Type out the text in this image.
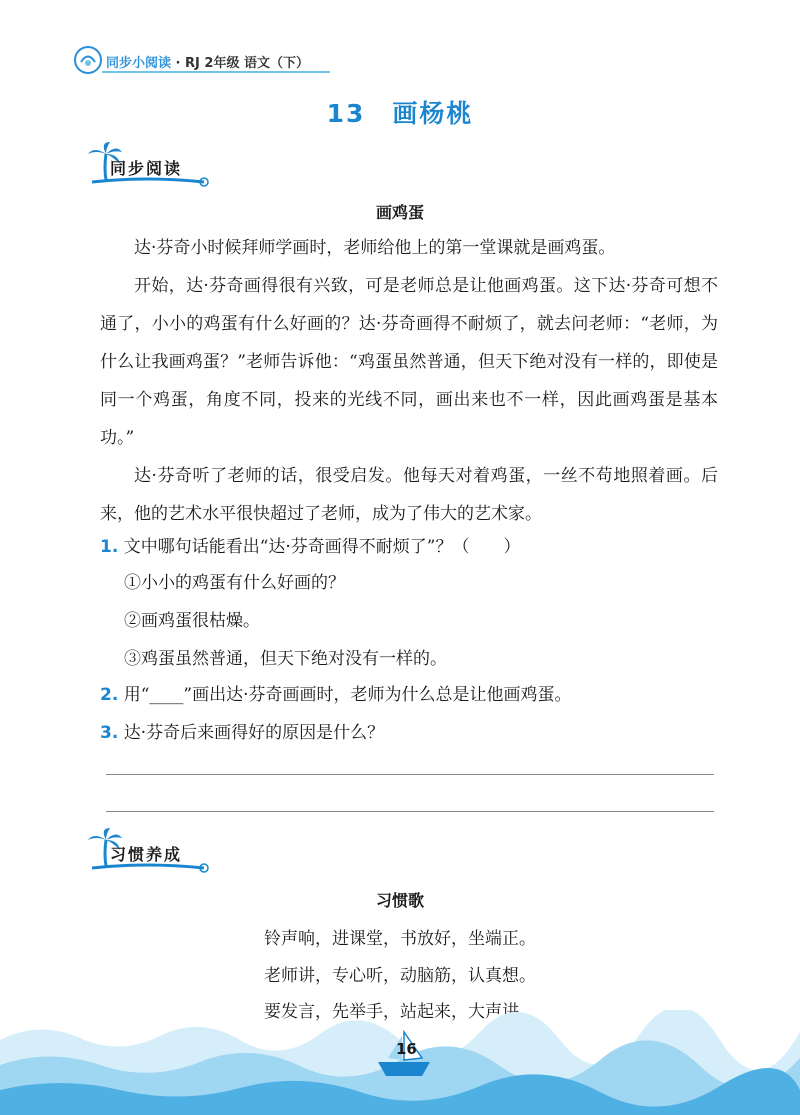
同步小阅读 · RJ 2年级 语文（下）
13　画杨桃
同步阅读
画鸡蛋

达·芬奇小时候拜师学画时，老师给他上的第一堂课就是画鸡蛋。

开始，达·芬奇画得很有兴致，可是老师总是让他画鸡蛋。这下达·芬奇可想不通了，小小的鸡蛋有什么好画的？达·芬奇画得不耐烦了，就去问老师：“老师，为什么让我画鸡蛋？”老师告诉他：“鸡蛋虽然普通，但天下绝对没有一样的，即使是同一个鸡蛋，角度不同，投来的光线不同，画出来也不一样，因此画鸡蛋是基本功。”

达·芬奇听了老师的话，很受启发。他每天对着鸡蛋，一丝不苟地照着画。后来，他的艺术水平很快超过了老师，成为了伟大的艺术家。

1. 文中哪句话能看出“达·芬奇画得不耐烦了”？（　　）
①小小的鸡蛋有什么好画的？
②画鸡蛋很枯燥。
③鸡蛋虽然普通，但天下绝对没有一样的。
2. 用“____”画出达·芬奇画画时，老师为什么总是让他画鸡蛋。
3. 达·芬奇后来画得好的原因是什么？
习惯养成
习惯歌
铃声响，进课堂，书放好，坐端正。
老师讲，专心听，动脑筋，认真想。
要发言，先举手，站起来，大声讲。
16
